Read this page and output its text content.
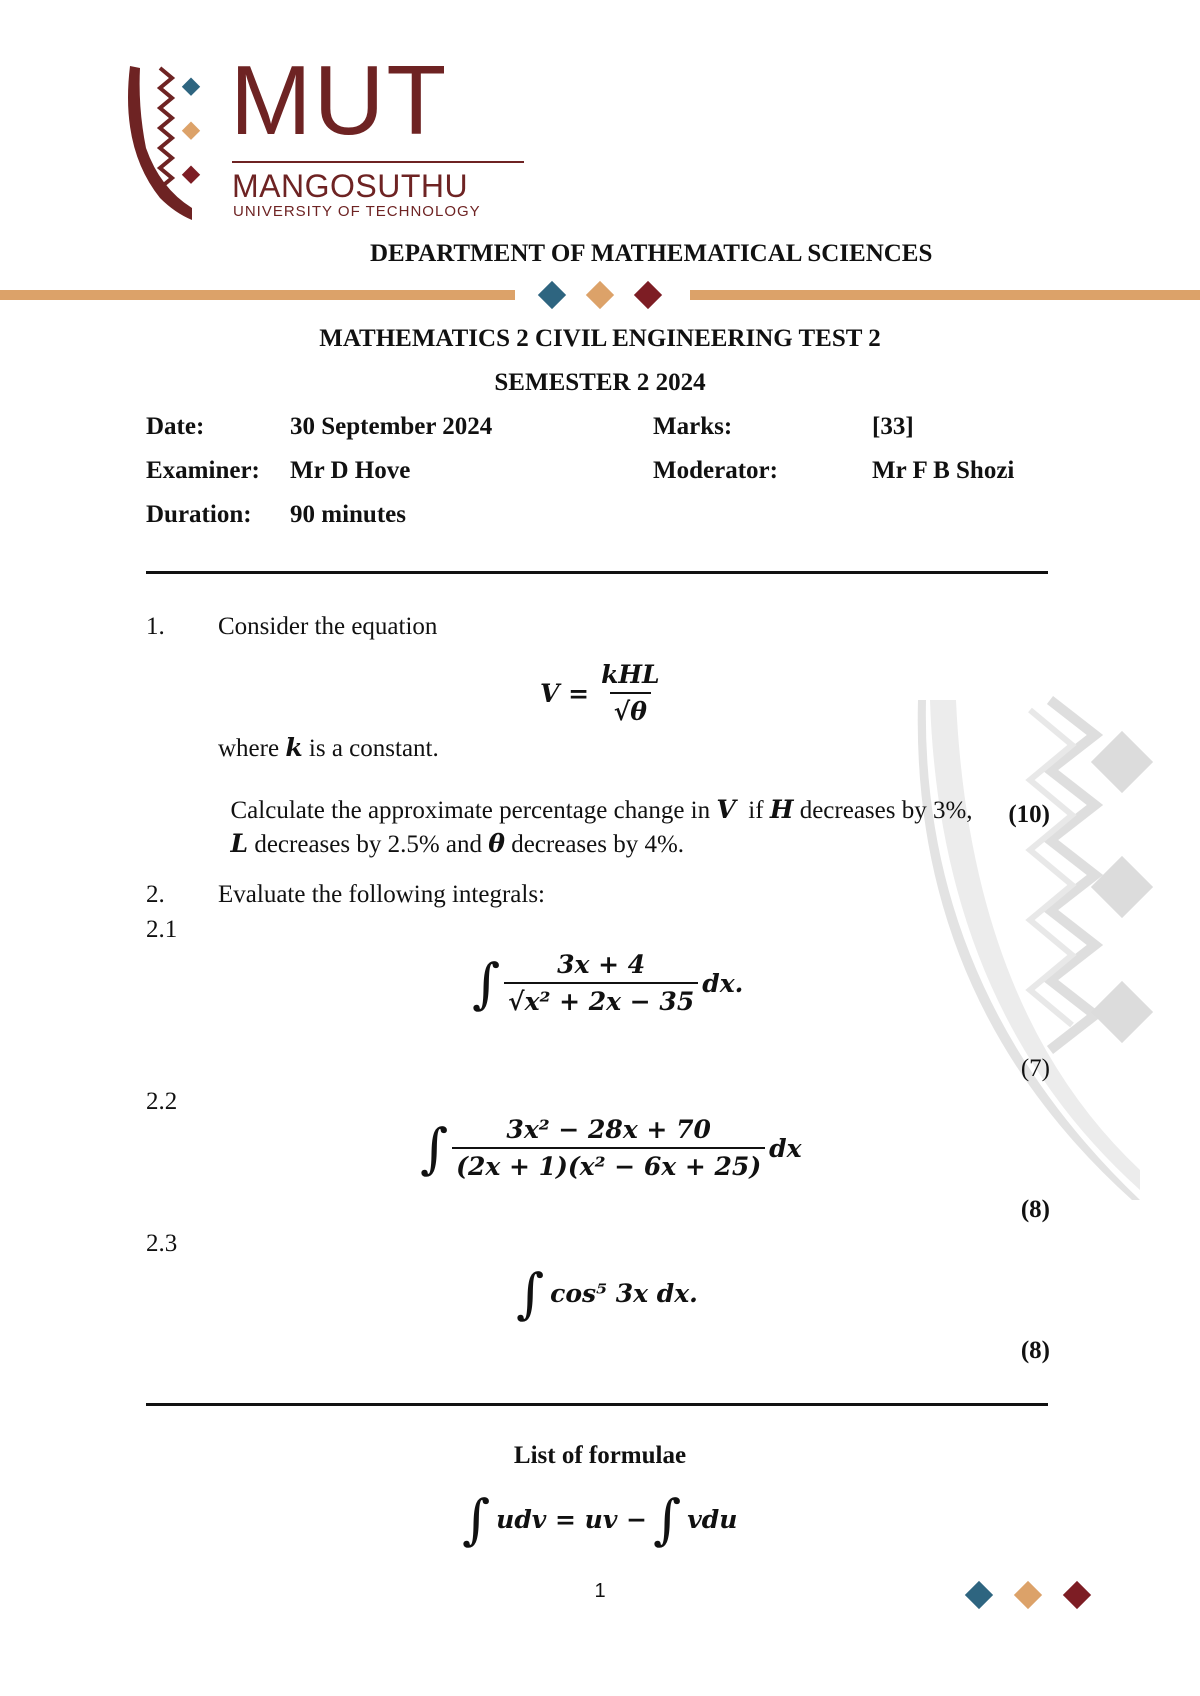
MUT
MANGOSUTHU
UNIVERSITY OF TECHNOLOGY
DEPARTMENT OF MATHEMATICAL SCIENCES
MATHEMATICS 2 CIVIL ENGINEERING TEST 2
SEMESTER 2 2024
Date:	30 September 2024	Marks:	[33]
Examiner: Mr D Hove	Moderator:	Mr F B Shozi
Duration: 90 minutes
1. Consider the equation
$V = \frac{\text{kHL}}{√\theta}$
where k is a constant.

Calculate the approximate percentage change in V  if H decreases by 3%,

L decreases by 2.5% and θ decreases by 4%.

(10)
2. Evaluate the following integrals:
2.1
∫ $\frac{3x + 4}{\text{√x² + 2x − 35}}$ dx.
(7)
2.2
∫ $\frac{\text{3x² − 28x + 70}}{\text{(2x + 1)(x² − 6x + 25)}}$ dx
(8)
2.3
∫ cos⁵ 3x dx.
(8)
List of formulae
∫ udv = uv − ∫ vdu
1
